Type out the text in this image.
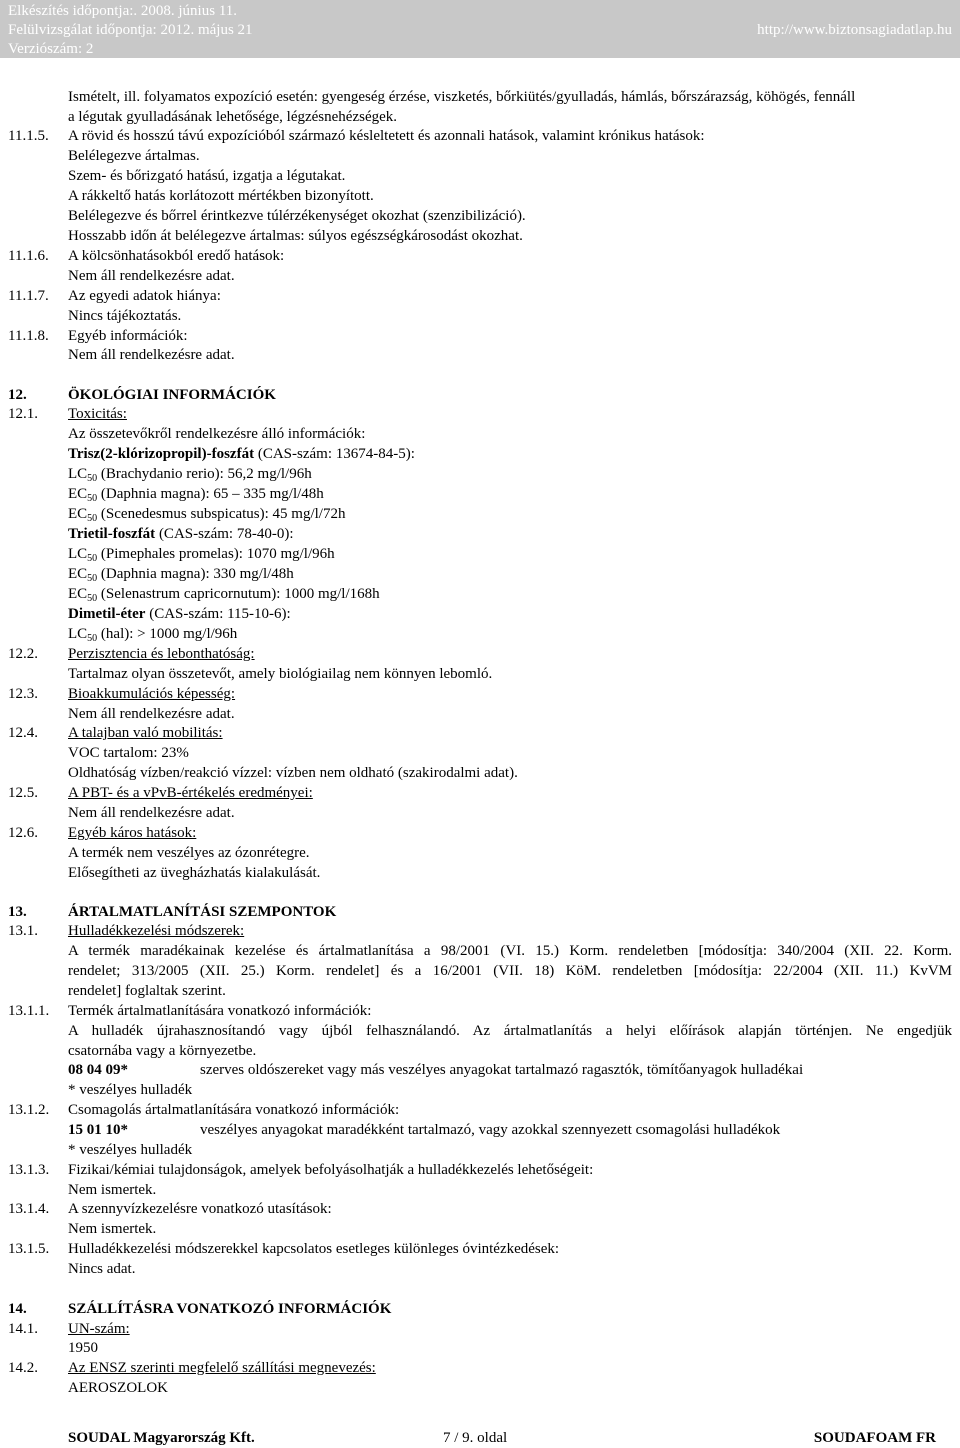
Elkészítés időpontja:. 2008. június 11.
Felülvizsgálat időpontja: 2012. május 21
Verziószám: 2
http://www.biztonsagiadatlap.hu
Ismételt, ill. folyamatos expozíció esetén: gyengeség érzése, viszketés, bőrkiütés/gyulladás, hámlás, bőrszárazság, köhögés, fennáll
a légutak gyulladásának lehetősége, légzésnehézségek.
11.1.5. A rövid és hosszú távú expozícióból származó késleltetett és azonnali hatások, valamint krónikus hatások:
Belélegezve ártalmas.
Szem- és bőrizgató hatású, izgatja a légutakat.
A rákkeltő hatás korlátozott mértékben bizonyított.
Belélegezve és bőrrel érintkezve túlérzékenységet okozhat (szenzibilizáció).
Hosszabb időn át belélegezve ártalmas: súlyos egészségkárosodást okozhat.
11.1.6. A kölcsönhatásokból eredő hatások:
Nem áll rendelkezésre adat.
11.1.7. Az egyedi adatok hiánya:
Nincs tájékoztatás.
11.1.8. Egyéb információk:
Nem áll rendelkezésre adat.
12.	ÖKOLÓGIAI INFORMÁCIÓK
12.1. Toxicitás:
Az összetevőkről rendelkezésre álló információk:
Trisz(2-klórizopropil)-foszfát (CAS-szám: 13674-84-5):
$LC_{50}$ (Brachydanio rerio): 56,2 mg/l/96h
$EC_{50}$ (Daphnia magna): 65 – 335 mg/l/48h
$EC_{50}$ (Scenedesmus subspicatus): 45 mg/l/72h
Trietil-foszfát (CAS-szám: 78-40-0):
$LC_{50}$ (Pimephales promelas): 1070 mg/l/96h
$EC_{50}$ (Daphnia magna): 330 mg/l/48h
$EC_{50}$ (Selenastrum capricornutum): 1000 mg/l/168h
Dimetil-éter (CAS-szám: 115-10-6):
$LC_{50}$ (hal): > 1000 mg/l/96h
12.2. Perzisztencia és lebonthatóság:
Tartalmaz olyan összetevőt, amely biológiailag nem könnyen lebomló.
12.3. Bioakkumulációs képesség:
Nem áll rendelkezésre adat.
12.4. A talajban való mobilitás:
VOC tartalom: 23%
Oldhatóság vízben/reakció vízzel: vízben nem oldható (szakirodalmi adat).
12.5. A PBT- és a vPvB-értékelés eredményei:
Nem áll rendelkezésre adat.
12.6. Egyéb káros hatások:
A termék nem veszélyes az ózonrétegre.
Elősegítheti az üvegházhatás kialakulását.
13.	ÁRTALMATLANÍTÁSI SZEMPONTOK
13.1. Hulladékkezelési módszerek:
A termék maradékainak kezelése és ártalmatlanítása a 98/2001 (VI. 15.) Korm. rendeletben [módosítja: 340/2004 (XII. 22. Korm.
rendelet; 313/2005 (XII. 25.) Korm. rendelet] és a 16/2001 (VII. 18) KöM. rendeletben [módosítja: 22/2004 (XII. 11.) KvVM
rendelet] foglaltak szerint.
13.1.1. Termék ártalmatlanítására vonatkozó információk:
A hulladék újrahasznosítandó vagy újból felhasználandó. Az ártalmatlanítás a helyi előírások alapján történjen. Ne engedjük
csatornába vagy a környezetbe.
08 04 09*	szerves oldószereket vagy más veszélyes anyagokat tartalmazó ragasztók, tömítőanyagok hulladékai
* veszélyes hulladék
13.1.2. Csomagolás ártalmatlanítására vonatkozó információk:
15 01 10*	veszélyes anyagokat maradékként tartalmazó, vagy azokkal szennyezett csomagolási hulladékok
* veszélyes hulladék
13.1.3. Fizikai/kémiai tulajdonságok, amelyek befolyásolhatják a hulladékkezelés lehetőségeit:
Nem ismertek.
13.1.4. A szennyvízkezelésre vonatkozó utasítások:
Nem ismertek.
13.1.5. Hulladékkezelési módszerekkel kapcsolatos esetleges különleges óvintézkedések:
Nincs adat.
14.	SZÁLLÍTÁSRA VONATKOZÓ INFORMÁCIÓK
14.1. UN-szám:
1950
14.2. Az ENSZ szerinti megfelelő szállítási megnevezés:
AEROSZOLOK
SOUDAL Magyarország Kft.	7 / 9. oldal	SOUDAFOAM FR
